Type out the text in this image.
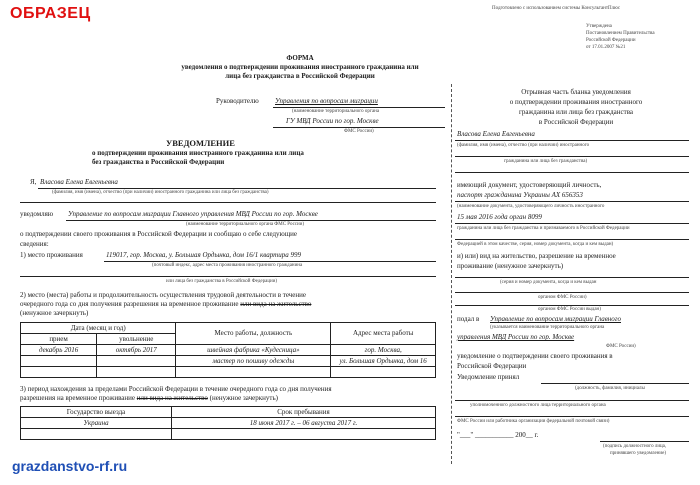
ОБРАЗЕЦ	Подготовлено с использованием системы КонсультантПлюс
Утверждена
Постановлением Правительства
Российской Федерации
от 17.01.2007 №21
ФОРМА
уведомления о подтверждении проживания иностранного гражданина или
лица без гражданства в Российской Федерации
Руководителю Управления по вопросам миграции
(наименование территориального органа
ГУ МВД России по гор. Москве
ФМС России)
УВЕДОМЛЕНИЕ
о подтверждении проживания иностранного гражданина или лица
без гражданства в Российской Федерации
Я, Власова Елена Евгеньевна
(фамилия, имя (имена), отчество (при наличии) иностранного гражданина или лица без гражданства)
уведомляю Управление по вопросам миграции Главного управления МВД России по гор. Москве
(наименование территориального органа ФМС России)
о подтверждении своего проживания в Российской Федерации и сообщаю о себе следующие
сведения:
1) место проживания	119017, гор. Москва, у. Большая Ордынка, дом 16/1 квартира 999
(почтовый индекс, адрес места проживания иностранного гражданина
или лица без гражданства в Российской Федерации)
2) место (места) работы и продолжительность осуществления трудовой деятельности в течение
очередного года со дня получения разрешения на временное проживание или вида на жительство
(ненужное зачеркнуть)
Дата (месяц и год)		Место работы, должность	Адрес места работы
прием	увольнение		
декабрь 2016	октябрь 2017	швейная фабрика «Кудесница»	гор. Москва,
		мастер по пошиву одежды	ул. Большая Ордынка, дом 16

3) период нахождения за пределами Российской Федерации в течение очередного года со дня получения
разрешения на временное проживание или вида на жительство (ненужное зачеркнуть)
Государство выезда	Срок пребывания
Украина	18 июня 2017 г. – 06 августа 2017 г.

Отрывная часть бланка уведомления
о подтверждении проживания иностранного
гражданина или лица без гражданства
в Российской Федерации
Власова Елена Евгеньевна
(фамилия, имя (имена), отчество (при наличии) иностранного
гражданина или лица без гражданства)
имеющий документ, удостоверяющий личность,
паспорт гражданина Украины АХ 656353
(наименование документа, удостоверяющего личность иностранного
15 мая 2016 года орган 8099
гражданина или лица без гражданства и признаваемого в Российской Федерации
Федерацией в этом качестве, серия, номер документа, когда и кем выдан)
и) или) вид на жительство, разрешение на временное
проживание (ненужное зачеркнуть)
(серия и номер документа, когда и кем выдан
органом ФМС России)
органом ФМС России выдан)
подал в Управление по вопросам миграции Главного
(указывается наименование территориального органа
управления МВД России по гор. Москве
ФМС России)
уведомление о подтверждении своего проживания в
Российской Федерации
Уведомление принял
(должность, фамилия, инициалы
уполномоченного должностного лица территориального органа
ФМС России или работника организации федеральной почтовой связи)
"___" ___________ 200__ г.
(подпись должностного лица,
принявшего уведомление)
grazdanstvo-rf.ru
